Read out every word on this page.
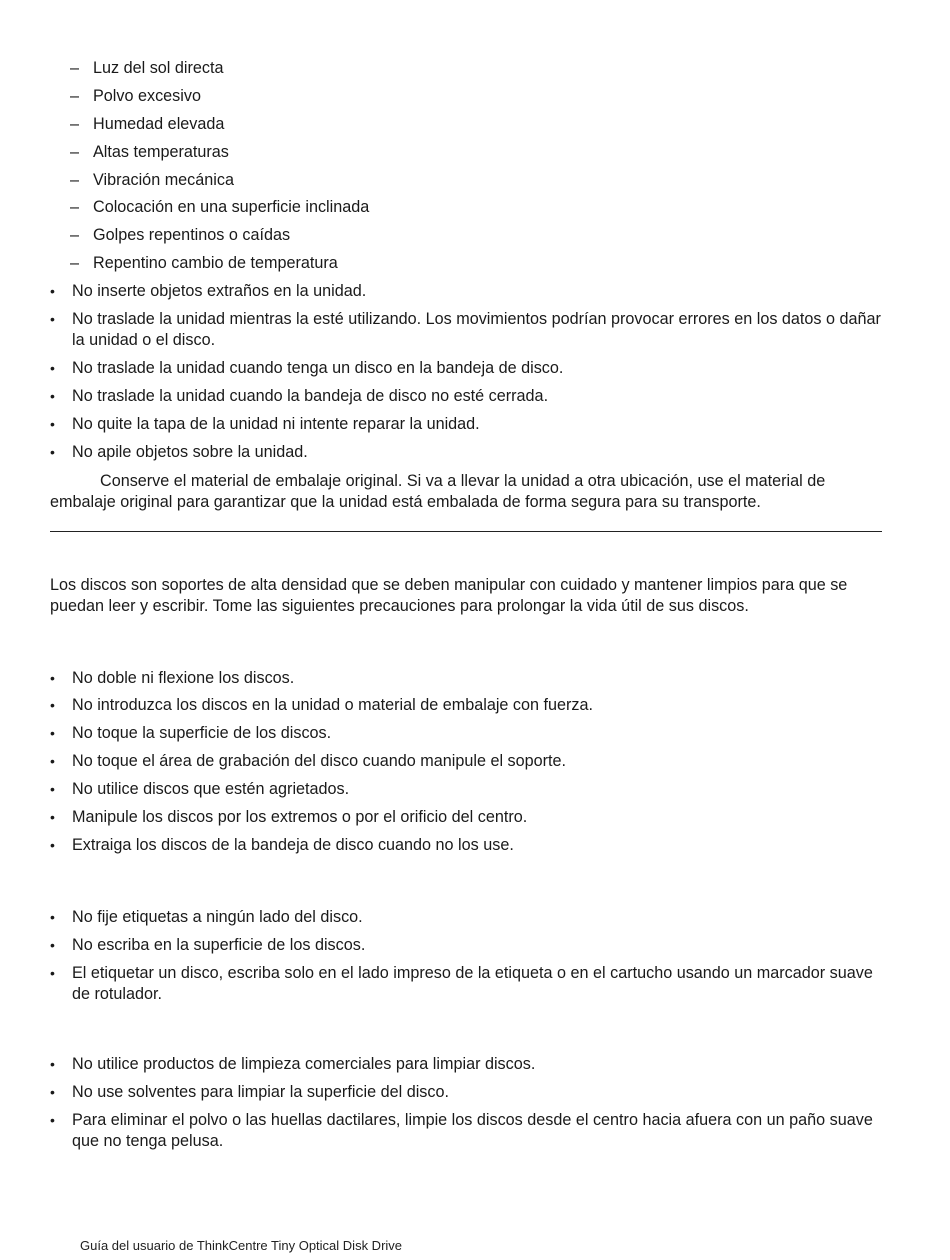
– Luz del sol directa
– Polvo excesivo
– Humedad elevada
– Altas temperaturas
– Vibración mecánica
– Colocación en una superficie inclinada
– Golpes repentinos o caídas
– Repentino cambio de temperatura
• No inserte objetos extraños en la unidad.
• No traslade la unidad mientras la esté utilizando. Los movimientos podrían provocar errores en los datos o dañar la unidad o el disco.
• No traslade la unidad cuando tenga un disco en la bandeja de disco.
• No traslade la unidad cuando la bandeja de disco no esté cerrada.
• No quite la tapa de la unidad ni intente reparar la unidad.
• No apile objetos sobre la unidad.

Conserve el material de embalaje original. Si va a llevar la unidad a otra ubicación, use el material de embalaje original para garantizar que la unidad está embalada de forma segura para su transporte.

Los discos son soportes de alta densidad que se deben manipular con cuidado y mantener limpios para que se puedan leer y escribir. Tome las siguientes precauciones para prolongar la vida útil de sus discos.

• No doble ni flexione los discos.
• No introduzca los discos en la unidad o material de embalaje con fuerza.
• No toque la superficie de los discos.
• No toque el área de grabación del disco cuando manipule el soporte.
• No utilice discos que estén agrietados.
• Manipule los discos por los extremos o por el orificio del centro.
• Extraiga los discos de la bandeja de disco cuando no los use.
• No fije etiquetas a ningún lado del disco.
• No escriba en la superficie de los discos.
• El etiquetar un disco, escriba solo en el lado impreso de la etiqueta o en el cartucho usando un marcador suave de rotulador.
• No utilice productos de limpieza comerciales para limpiar discos.
• No use solventes para limpiar la superficie del disco.
• Para eliminar el polvo o las huellas dactilares, limpie los discos desde el centro hacia afuera con un paño suave que no tenga pelusa.
Guía del usuario de ThinkCentre Tiny Optical Disk Drive
